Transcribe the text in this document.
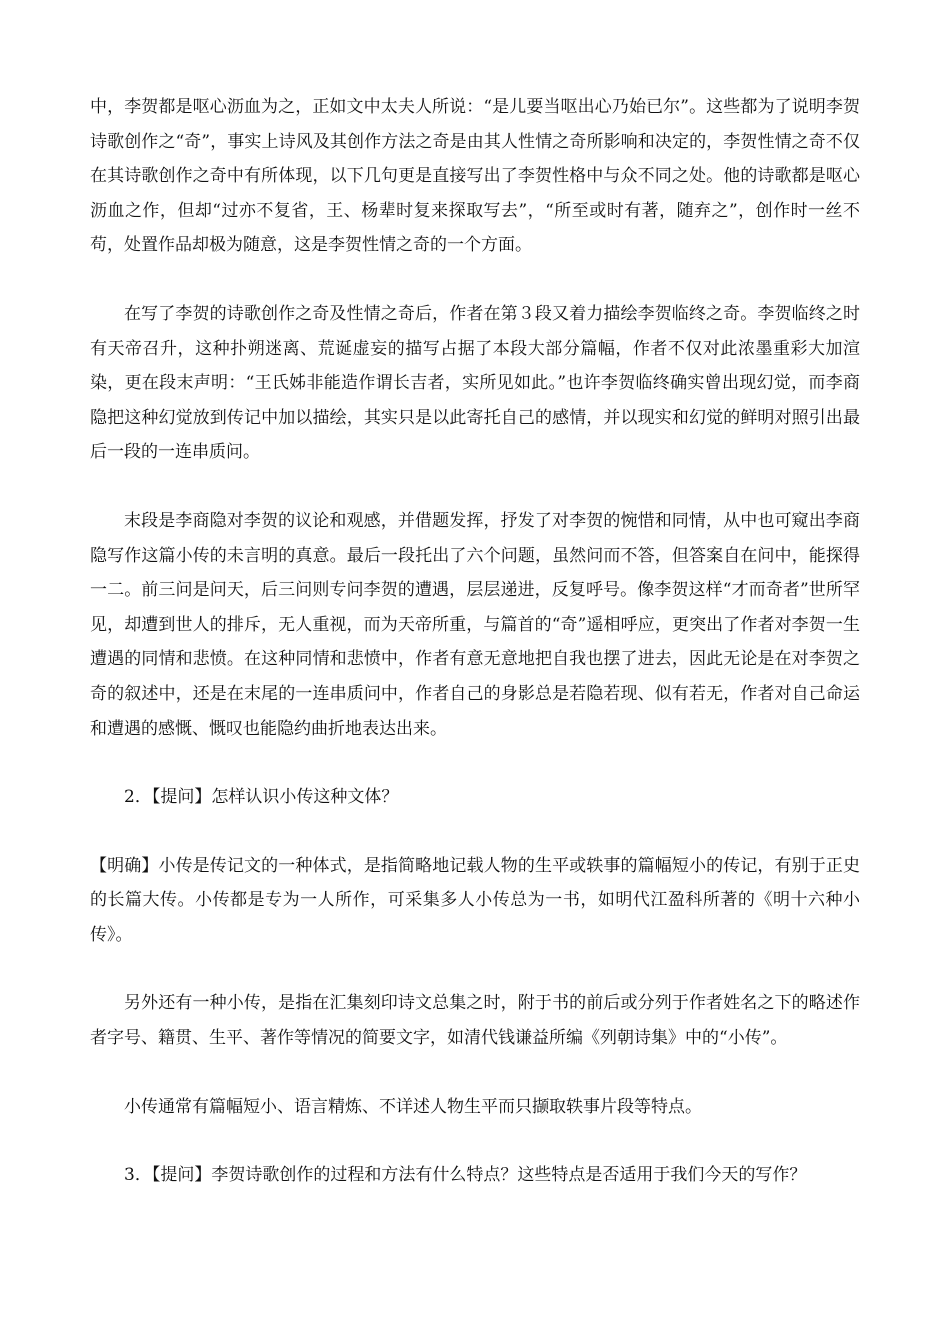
中，李贺都是呕心沥血为之，正如文中太夫人所说：“是儿要当呕出心乃始已尔”。这些都为了说明李贺诗歌创作之“奇”，事实上诗风及其创作方法之奇是由其人性情之奇所影响和决定的，李贺性情之奇不仅在其诗歌创作之奇中有所体现，以下几句更是直接写出了李贺性格中与众不同之处。他的诗歌都是呕心沥血之作，但却“过亦不复省，王、杨辈时复来探取写去”，“所至或时有著，随弃之”，创作时一丝不苟，处置作品却极为随意，这是李贺性情之奇的一个方面。

在写了李贺的诗歌创作之奇及性情之奇后，作者在第３段又着力描绘李贺临终之奇。李贺临终之时有天帝召升，这种扑朔迷离、荒诞虚妄的描写占据了本段大部分篇幅，作者不仅对此浓墨重彩大加渲染，更在段末声明：“王氏姊非能造作谓长吉者，实所见如此。”也许李贺临终确实曾出现幻觉，而李商隐把这种幻觉放到传记中加以描绘，其实只是以此寄托自己的感情，并以现实和幻觉的鲜明对照引出最后一段的一连串质问。

末段是李商隐对李贺的议论和观感，并借题发挥，抒发了对李贺的惋惜和同情，从中也可窥出李商隐写作这篇小传的未言明的真意。最后一段托出了六个问题，虽然问而不答，但答案自在问中，能探得一二。前三问是问天，后三问则专问李贺的遭遇，层层递进，反复呼号。像李贺这样“才而奇者”世所罕见，却遭到世人的排斥，无人重视，而为天帝所重，与篇首的“奇”遥相呼应，更突出了作者对李贺一生遭遇的同情和悲愤。在这种同情和悲愤中，作者有意无意地把自我也摆了进去，因此无论是在对李贺之奇的叙述中，还是在末尾的一连串质问中，作者自己的身影总是若隐若现、似有若无，作者对自己命运和遭遇的感慨、慨叹也能隐约曲折地表达出来。

2．【提问】怎样认识小传这种文体？

【明确】小传是传记文的一种体式，是指简略地记载人物的生平或轶事的篇幅短小的传记，有别于正史的长篇大传。小传都是专为一人所作，可采集多人小传总为一书，如明代江盈科所著的《明十六种小传》。

另外还有一种小传，是指在汇集刻印诗文总集之时，附于书的前后或分列于作者姓名之下的略述作者字号、籍贯、生平、著作等情况的简要文字，如清代钱谦益所编《列朝诗集》中的“小传”。

小传通常有篇幅短小、语言精炼、不详述人物生平而只撷取轶事片段等特点。

3．【提问】李贺诗歌创作的过程和方法有什么特点？这些特点是否适用于我们今天的写作？
